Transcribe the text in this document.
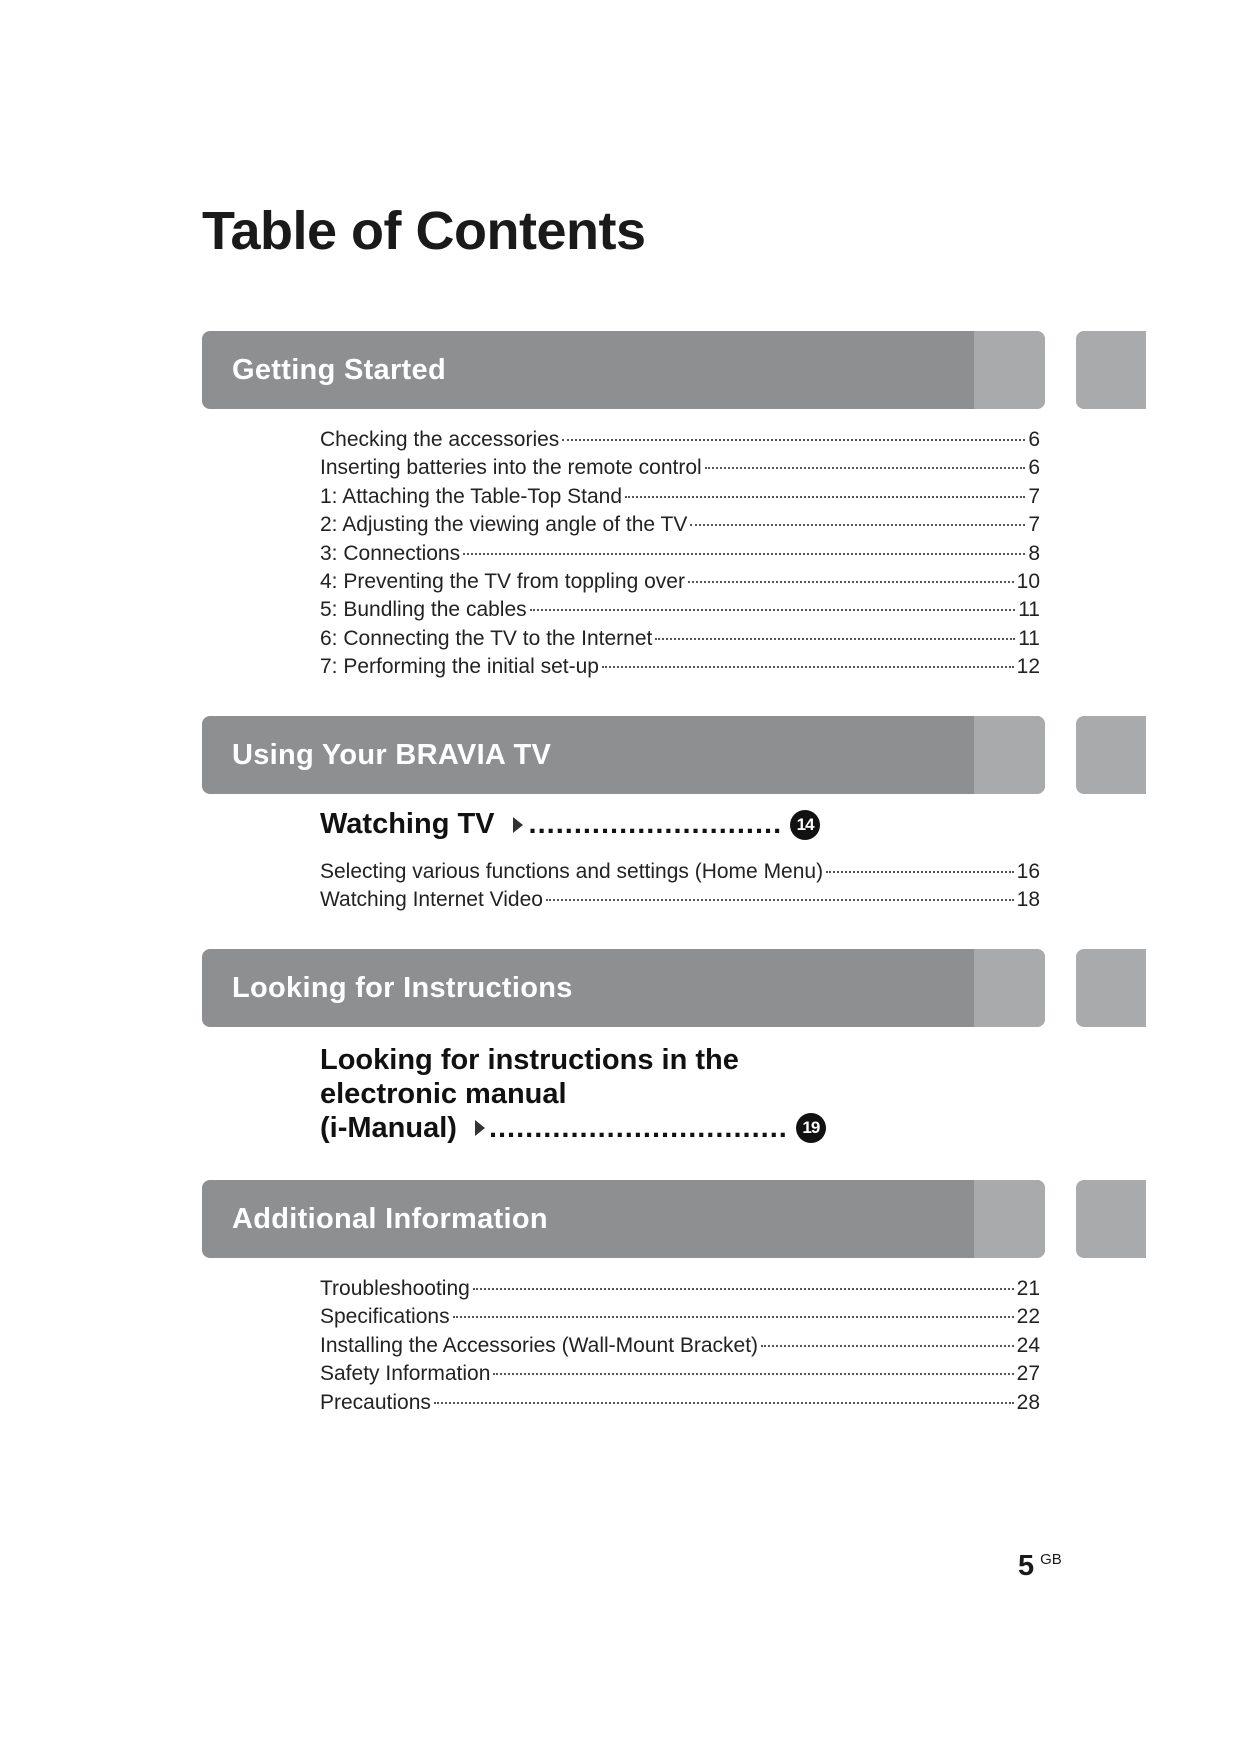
Table of Contents
Getting Started
Checking the accessories	6
Inserting batteries into the remote control	6
1: Attaching the Table-Top Stand	7
2: Adjusting the viewing angle of the TV	7
3: Connections	8
4: Preventing the TV from toppling over	10
5: Bundling the cables	11
6: Connecting the TV to the Internet	11
7: Performing the initial set-up	12
Using Your BRAVIA TV
Watching TV ............................ 14
Selecting various functions and settings (Home Menu)	16
Watching Internet Video	18
Looking for Instructions
Looking for instructions in the
electronic manual
(i-Manual) ................................. 19
Additional Information
Troubleshooting	21
Specifications	22
Installing the Accessories (Wall-Mount Bracket)	24
Safety Information	27
Precautions	28
5 GB
